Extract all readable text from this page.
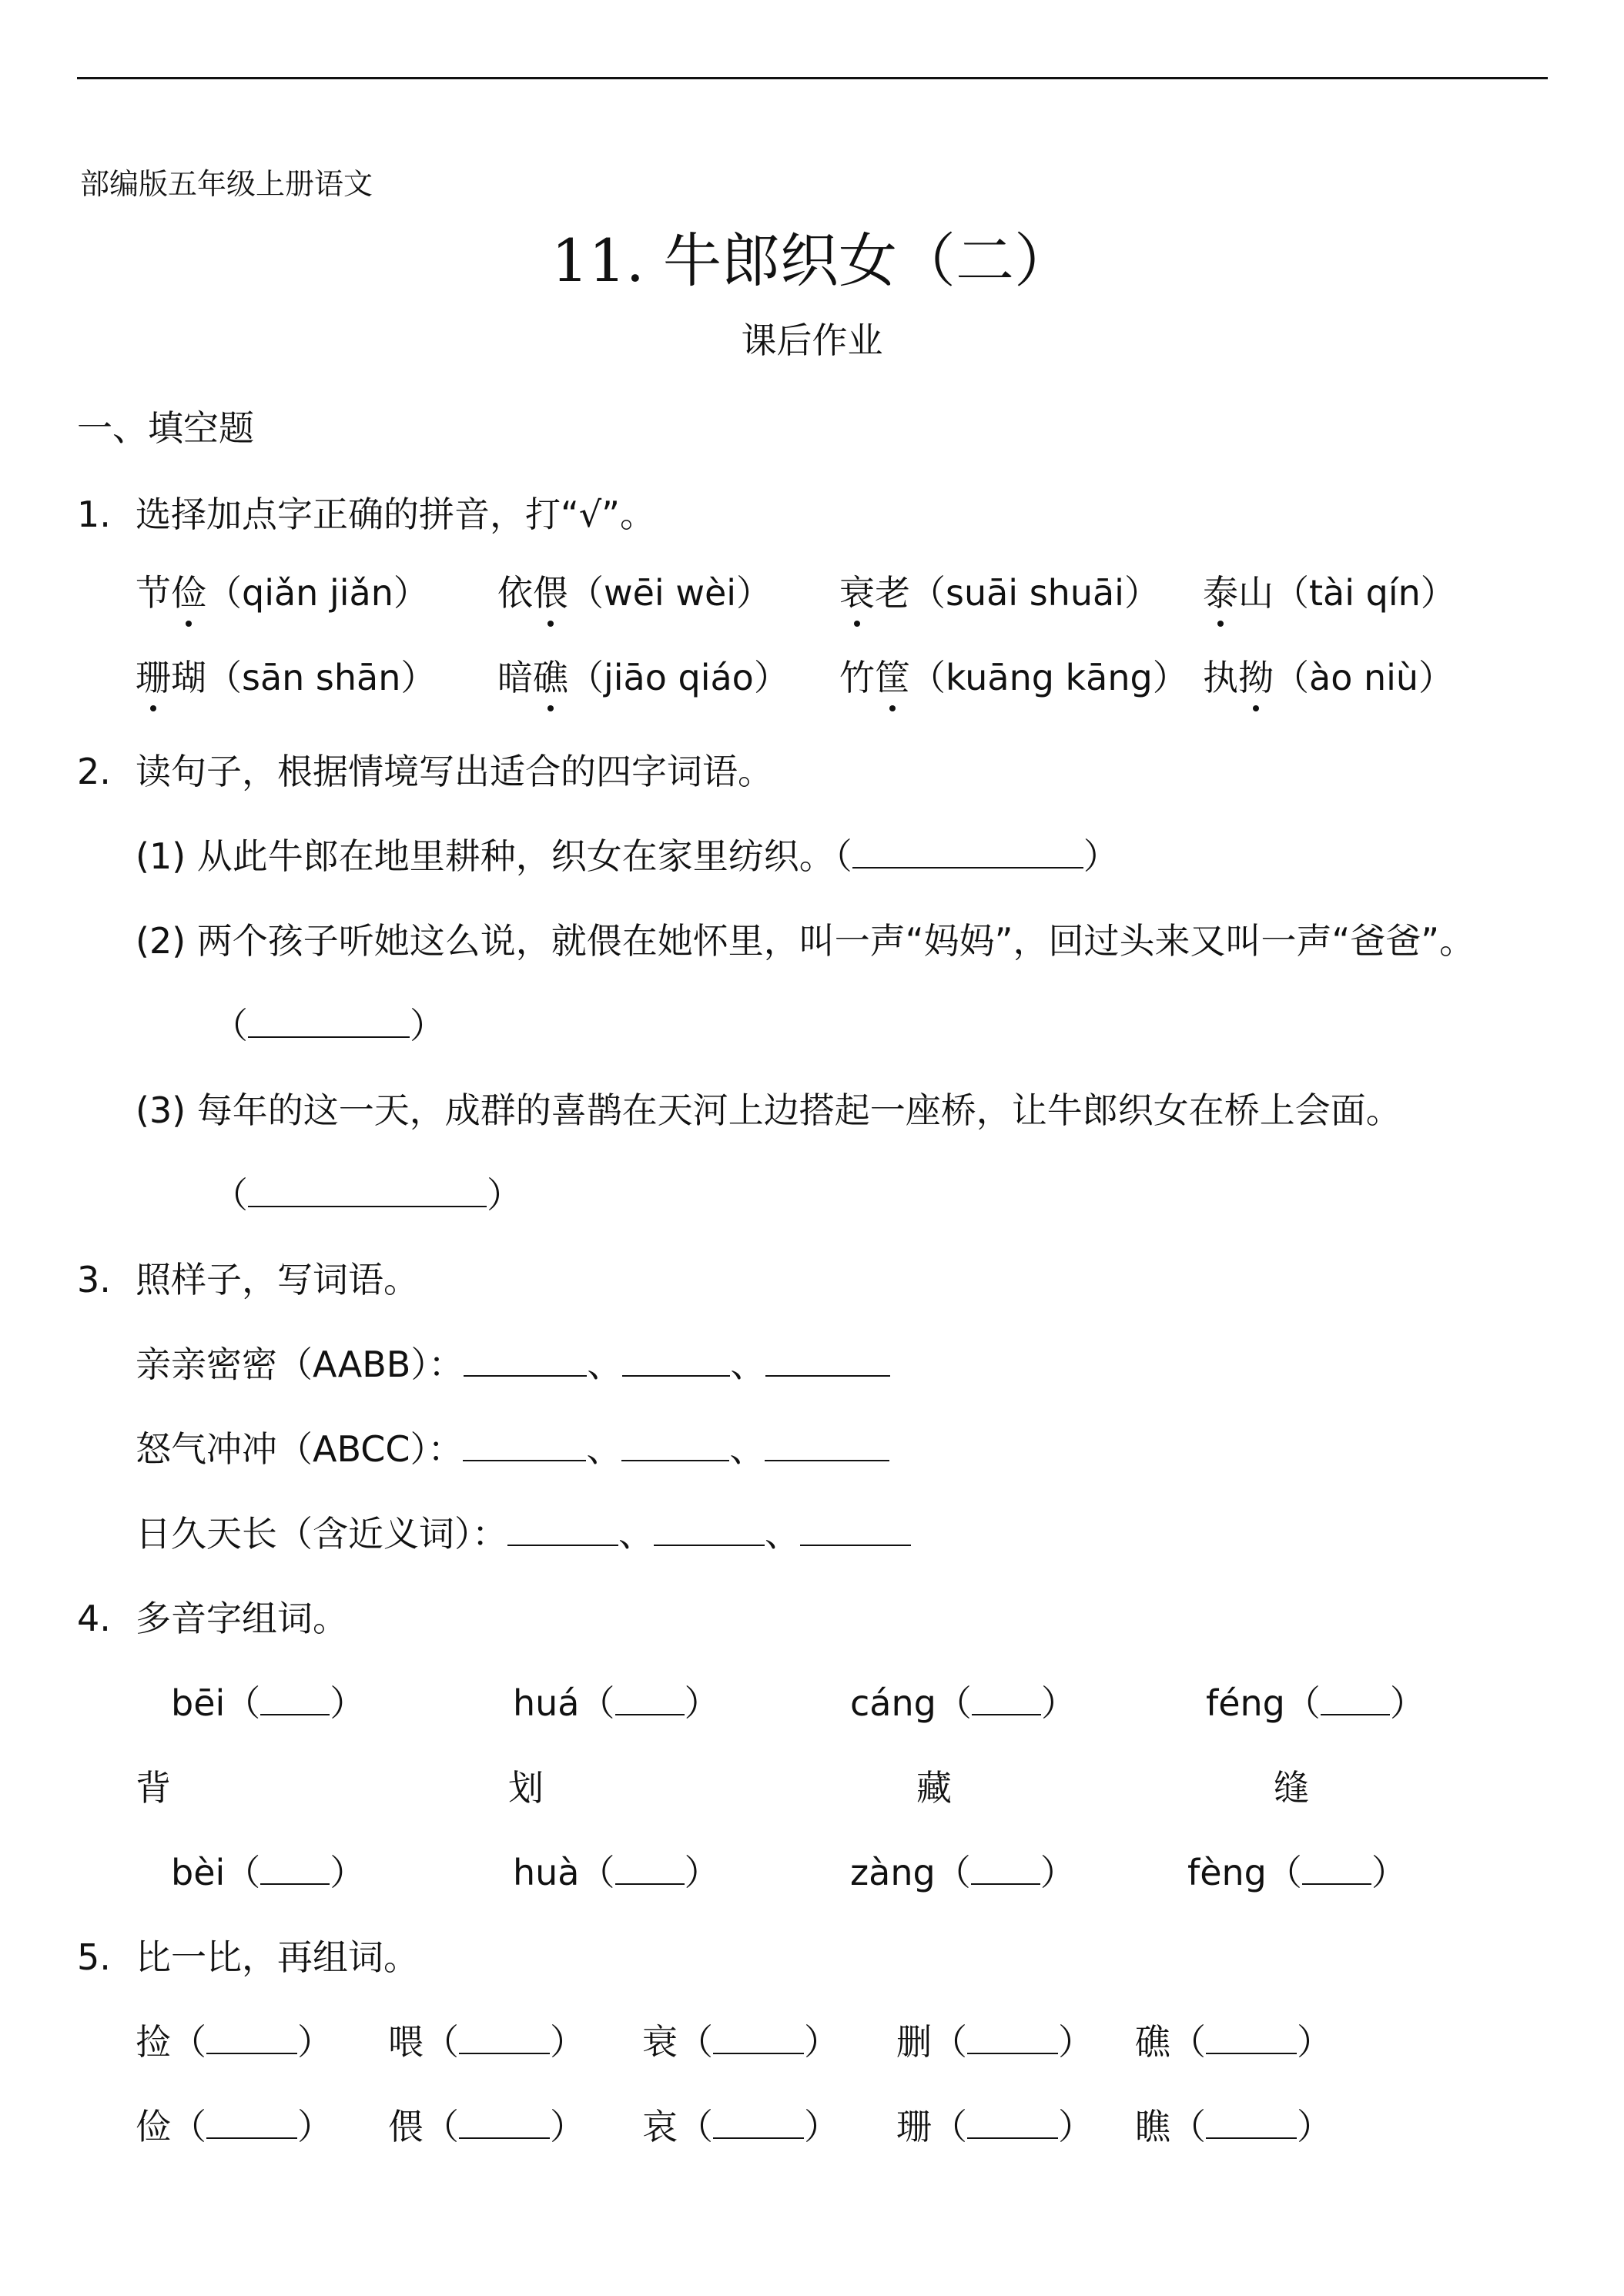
部编版五年级上册语文
11. 牛郎织女（二）
课后作业
一、填空题
1. 选择加点字正确的拼音，打“√”。
节俭（qiǎn jiǎn） 依偎（wēi wèi） 衰老（suāi shuāi） 泰山（tài qín）
珊瑚（sān shān） 暗礁（jiāo qiáo） 竹筐（kuāng kāng） 执拗（ào niù）
2. 读句子，根据情境写出适合的四字词语。
(1) 从此牛郎在地里耕种，织女在家里纺织。（	）
(2) 两个孩子听她这么说，就偎在她怀里，叫一声“妈妈”，回过头来又叫一声“爸爸”。
（	）
(3) 每年的这一天，成群的喜鹊在天河上边搭起一座桥，让牛郎织女在桥上会面。
（	）
3. 照样子，写词语。
亲亲密密（AABB）：	、	、
怒气冲冲（ABCC）：	、	、
日久天长（含近义词）：	、	、
4. 多音字组词。
bēi（ ）	huá（ ）	cáng（ ）	féng（ ）
背	划	藏	缝
bèi（ ）	huà（ ）	zàng（ ）	fèng（ ）
5. 比一比，再组词。
捡（	） 喂（	） 衰（	） 删（	） 礁（	）
俭（	） 偎（	） 哀（	） 珊（	） 瞧（	）
